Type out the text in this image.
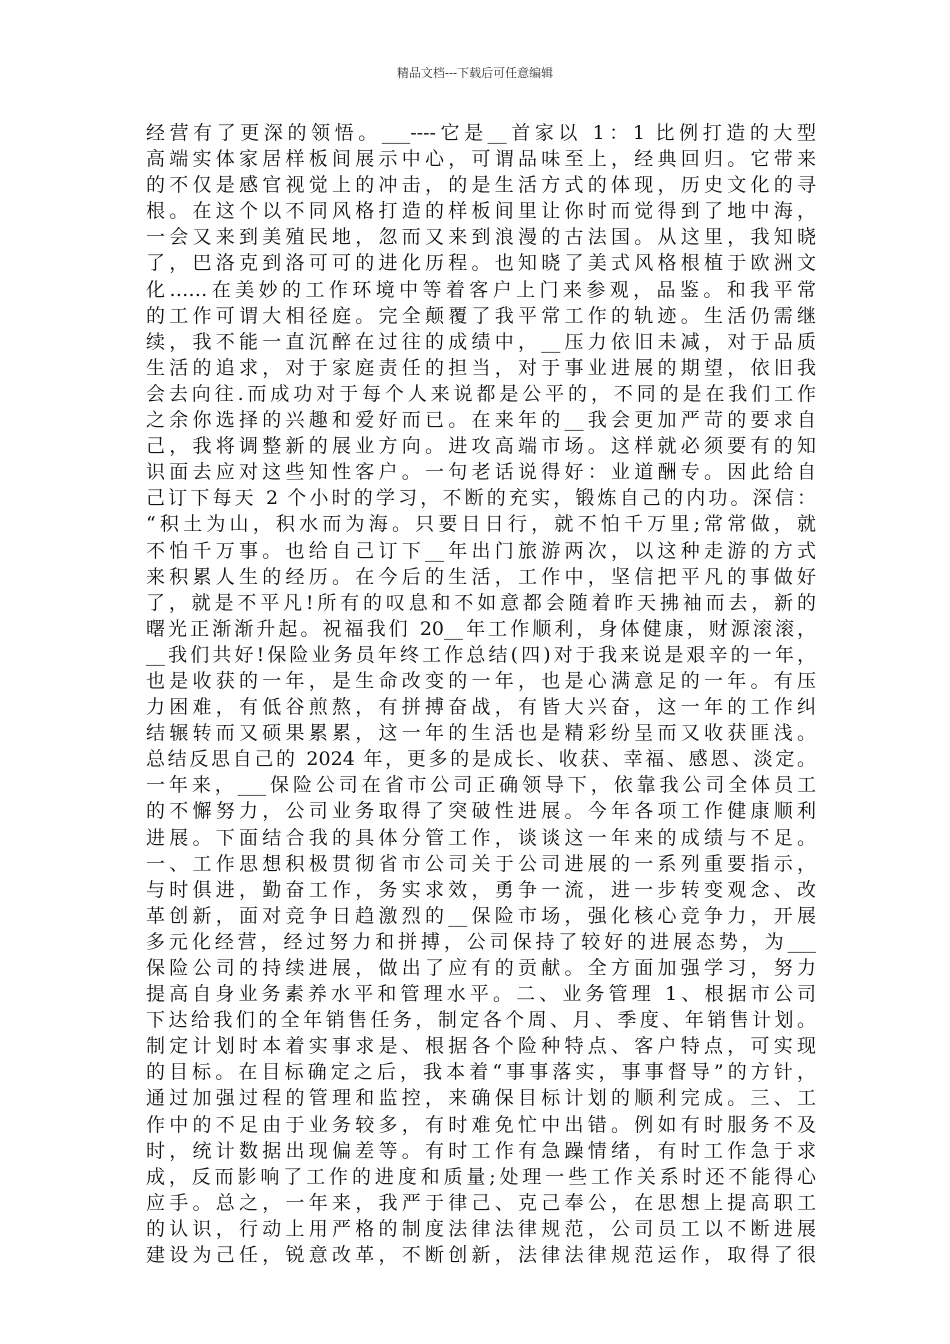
精品文档---下载后可任意编辑
经营有了更深的领悟。___----它是__首家以 1：1 比例打造的大型
高端实体家居样板间展示中心，可谓品味至上，经典回归。它带来
的不仅是感官视觉上的冲击，的是生活方式的体现，历史文化的寻
根。在这个以不同风格打造的样板间里让你时而觉得到了地中海，
一会又来到美殖民地，忽而又来到浪漫的古法国。从这里，我知晓
了，巴洛克到洛可可的进化历程。也知晓了美式风格根植于欧洲文
化……在美妙的工作环境中等着客户上门来参观，品鉴。和我平常
的工作可谓大相径庭。完全颠覆了我平常工作的轨迹。生活仍需继
续，我不能一直沉醉在过往的成绩中，__压力依旧未减，对于品质
生活的追求，对于家庭责任的担当，对于事业进展的期望，依旧我
会去向往.而成功对于每个人来说都是公平的，不同的是在我们工作
之余你选择的兴趣和爱好而已。在来年的__我会更加严苛的要求自
己，我将调整新的展业方向。进攻高端市场。这样就必须要有的知
识面去应对这些知性客户。一句老话说得好：业道酬专。因此给自
己订下每天 2 个小时的学习，不断的充实，锻炼自己的内功。深信：
“积土为山，积水而为海。只要日日行，就不怕千万里;常常做，就
不怕千万事。也给自己订下__年出门旅游两次，以这种走游的方式
来积累人生的经历。在今后的生活，工作中，坚信把平凡的事做好
了，就是不平凡!所有的叹息和不如意都会随着昨天拂袖而去，新的
曙光正渐渐升起。祝福我们 20__年工作顺利，身体健康，财源滚滚，
__我们共好!保险业务员年终工作总结(四)对于我来说是艰辛的一年，
也是收获的一年，是生命改变的一年，也是心满意足的一年。有压
力困难，有低谷煎熬，有拼搏奋战，有皆大兴奋，这一年的工作纠
结辗转而又硕果累累，这一年的生活也是精彩纷呈而又收获匪浅。
总结反思自己的 2024 年，更多的是成长、收获、幸福、感恩、淡定。
一年来，___保险公司在省市公司正确领导下，依靠我公司全体员工
的不懈努力，公司业务取得了突破性进展。今年各项工作健康顺利
进展。下面结合我的具体分管工作，谈谈这一年来的成绩与不足。
一、工作思想积极贯彻省市公司关于公司进展的一系列重要指示，
与时俱进，勤奋工作，务实求效，勇争一流，进一步转变观念、改
革创新，面对竞争日趋激烈的__保险市场，强化核心竞争力，开展
多元化经营，经过努力和拼搏，公司保持了较好的进展态势，为___
保险公司的持续进展，做出了应有的贡献。全方面加强学习，努力
提高自身业务素养水平和管理水平。二、业务管理 1、根据市公司
下达给我们的全年销售任务，制定各个周、月、季度、年销售计划。
制定计划时本着实事求是、根据各个险种特点、客户特点，可实现
的目标。在目标确定之后，我本着“事事落实，事事督导”的方针，
通过加强过程的管理和监控，来确保目标计划的顺利完成。三、工
作中的不足由于业务较多，有时难免忙中出错。例如有时服务不及
时，统计数据出现偏差等。有时工作有急躁情绪，有时工作急于求
成，反而影响了工作的进度和质量;处理一些工作关系时还不能得心
应手。总之，一年来，我严于律己、克己奉公，在思想上提高职工
的认识，行动上用严格的制度法律法律规范，公司员工以不断进展
建设为己任，锐意改革，不断创新，法律法律规范运作，取得了很
